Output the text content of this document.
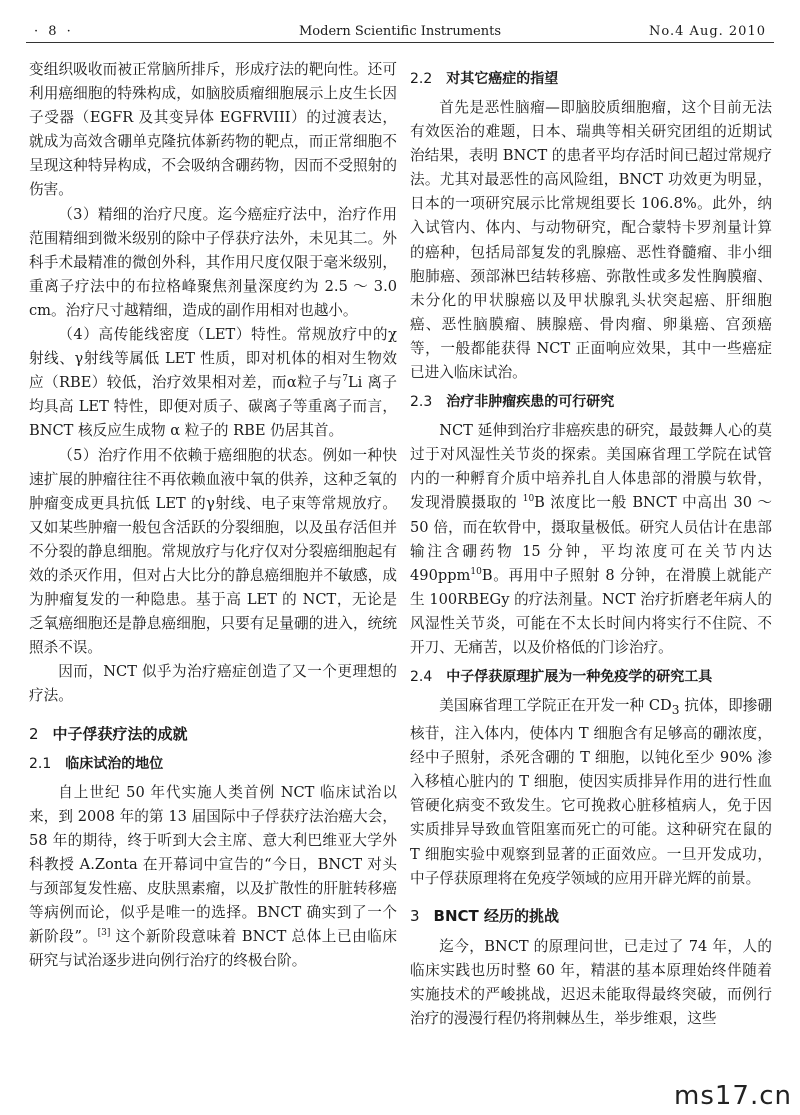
· 8 ·	Modern Scientific Instruments	No.4 Aug. 2010

变组织吸收而被正常脑所排斥，形成疗法的靶向性。还可利用癌细胞的特殊构成，如脑胶质瘤细胞展示上皮生长因子受器（EGFR 及其变异体 EGFRVIII）的过渡表达，就成为高效含硼单克隆抗体新药物的靶点，而正常细胞不呈现这种特异构成，不会吸纳含硼药物，因而不受照射的伤害。

（3）精细的治疗尺度。迄今癌症疗法中，治疗作用范围精细到微米级别的除中子俘获疗法外，未见其二。外科手术最精准的微创外科，其作用尺度仅限于毫米级别，重离子疗法中的布拉格峰聚焦剂量深度约为 2.5 ～ 3.0 cm。治疗尺寸越精细，造成的副作用相对也越小。

（4）高传能线密度（LET）特性。常规放疗中的χ射线、γ射线等属低 LET 性质，即对机体的相对生物效应（RBE）较低，治疗效果相对差，而α粒子与$^7$Li 离子均具高 LET 特性，即便对质子、碳离子等重离子而言，BNCT 核反应生成物 α 粒子的 RBE 仍居其首。

（5）治疗作用不依赖于癌细胞的状态。例如一种快速扩展的肿瘤往往不再依赖血液中氧的供养，这种乏氧的肿瘤变成更具抗低 LET 的γ射线、电子束等常规放疗。又如某些肿瘤一般包含活跃的分裂细胞，以及虽存活但并不分裂的静息细胞。常规放疗与化疗仅对分裂癌细胞起有效的杀灭作用，但对占大比分的静息癌细胞并不敏感，成为肿瘤复发的一种隐患。基于高 LET 的 NCT，无论是乏氧癌细胞还是静息癌细胞，只要有足量硼的进入，统统照杀不误。

因而，NCT 似乎为治疗癌症创造了又一个更理想的疗法。

2 中子俘获疗法的成就
2.1 临床试治的地位

自上世纪 50 年代实施人类首例 NCT 临床试治以来，到 2008 年的第 13 届国际中子俘获疗法治癌大会，58 年的期待，终于听到大会主席、意大利巴维亚大学外科教授 A.Zonta 在开幕词中宣告的“今日，BNCT 对头与颈部复发性癌、皮肤黑素瘤，以及扩散性的肝脏转移癌等病例而论，似乎是唯一的选择。BNCT 确实到了一个新阶段”。[3] 这个新阶段意味着 BNCT 总体上已由临床研究与试治逐步进向例行治疗的终极台阶。

2.2 对其它癌症的指望

首先是恶性脑瘤—即脑胶质细胞瘤，这个目前无法有效医治的难题，日本、瑞典等相关研究团组的近期试治结果，表明 BNCT 的患者平均存活时间已超过常规疗法。尤其对最恶性的高风险组，BNCT 功效更为明显，日本的一项研究展示比常规组要长 106.8%。此外，纳入试管内、体内、与动物研究，配合蒙特卡罗剂量计算的癌种，包括局部复发的乳腺癌、恶性脊髓瘤、非小细胞肺癌、颈部淋巴结转移癌、弥散性或多发性胸膜瘤、未分化的甲状腺癌以及甲状腺乳头状突起癌、肝细胞癌、恶性脑膜瘤、胰腺癌、骨肉瘤、卵巢癌、宫颈癌等，一般都能获得 NCT 正面响应效果，其中一些癌症已进入临床试治。

2.3 治疗非肿瘤疾患的可行研究

NCT 延伸到治疗非癌疾患的研究，最鼓舞人心的莫过于对风湿性关节炎的探索。美国麻省理工学院在试管内的一种孵育介质中培养扎自人体患部的滑膜与软骨，发现滑膜摄取的 $^{10}$B 浓度比一般 BNCT 中高出 30 ～ 50 倍，而在软骨中，摄取量极低。研究人员估计在患部输注含硼药物 15 分钟，平均浓度可在关节内达 490ppm$^{10}$B。再用中子照射 8 分钟，在滑膜上就能产生 100RBEGy 的疗法剂量。NCT 治疗折磨老年病人的风湿性关节炎，可能在不太长时间内将实行不住院、不开刀、无痛苦，以及价格低的门诊治疗。

2.4 中子俘获原理扩展为一种免疫学的研究工具

美国麻省理工学院正在开发一种 $CD_3$ 抗体，即掺硼核苷，注入体内，使体内 T 细胞含有足够高的硼浓度，经中子照射，杀死含硼的 T 细胞，以钝化至少 90% 渗入移植心脏内的 T 细胞，使因实质排异作用的进行性血管硬化病变不致发生。它可挽救心脏移植病人，免于因实质排异导致血管阻塞而死亡的可能。这种研究在鼠的 T 细胞实验中观察到显著的正面效应。一旦开发成功，中子俘获原理将在免疫学领域的应用开辟光辉的前景。

3 BNCT 经历的挑战

迄今，BNCT 的原理问世，已走过了 74 年，人的临床实践也历时整 60 年，精湛的基本原理始终伴随着实施技术的严峻挑战，迟迟未能取得最终突破，而例行治疗的漫漫行程仍将荆棘丛生，举步维艰，这些

ms17.cn
